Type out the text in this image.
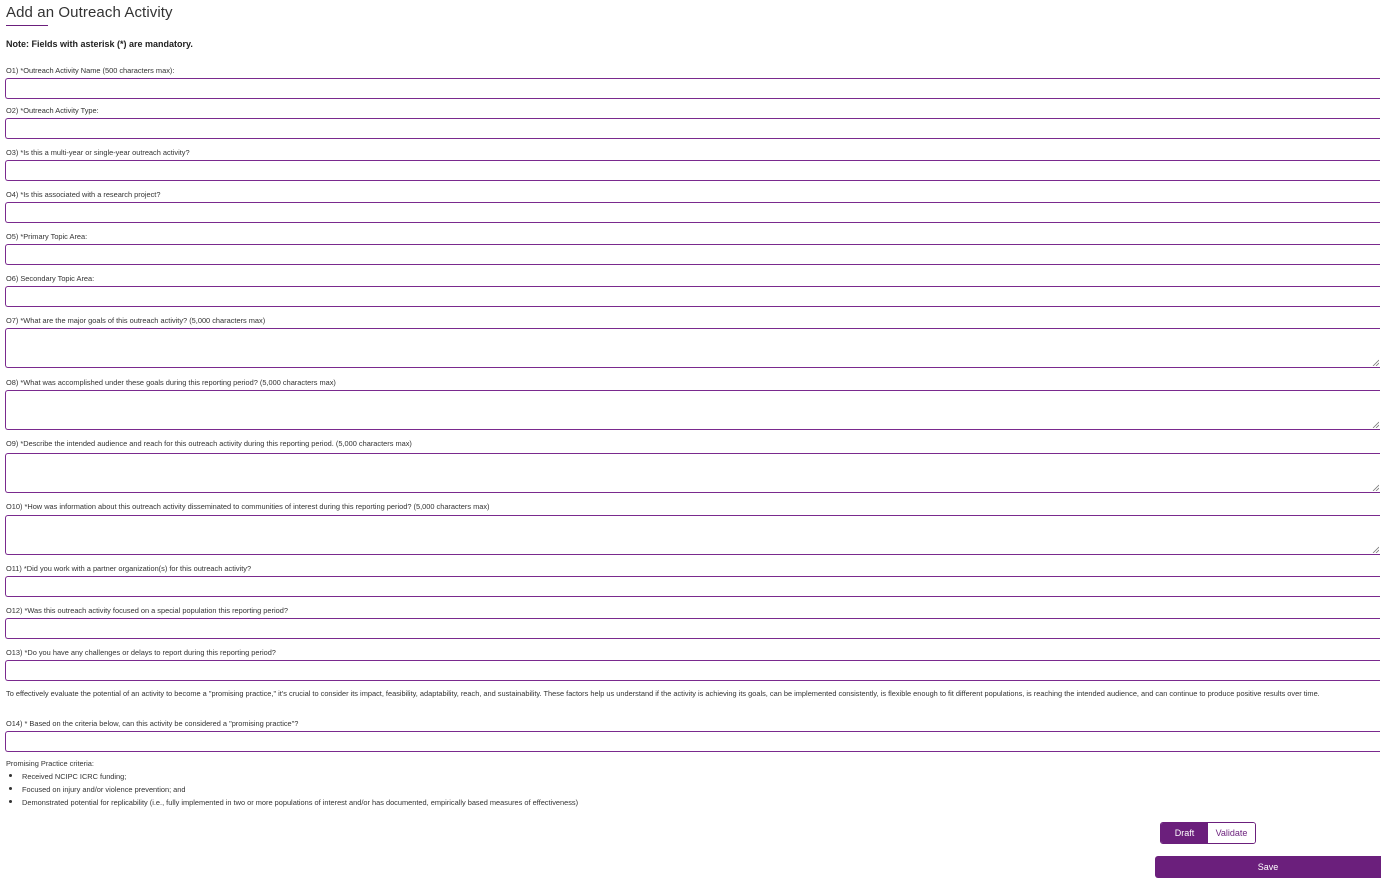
Add an Outreach Activity
Note: Fields with asterisk (*) are mandatory.
O1) *Outreach Activity Name (500 characters max):
O2) *Outreach Activity Type:
O3) *Is this a multi-year or single-year outreach activity?
O4) *Is this associated with a research project?
O5) *Primary Topic Area:
O6) Secondary Topic Area:
O7) *What are the major goals of this outreach activity? (5,000 characters max)
O8) *What was accomplished under these goals during this reporting period? (5,000 characters max)
O9) *Describe the intended audience and reach for this outreach activity during this reporting period. (5,000 characters max)
O10) *How was information about this outreach activity disseminated to communities of interest during this reporting period? (5,000 characters max)
O11) *Did you work with a partner organization(s) for this outreach activity?
O12) *Was this outreach activity focused on a special population this reporting period?
O13) *Do you have any challenges or delays to report during this reporting period?
To effectively evaluate the potential of an activity to become a "promising practice," it's crucial to consider its impact, feasibility, adaptability, reach, and sustainability. These factors help us understand if the activity is achieving its goals, can be implemented consistently, is flexible enough to fit different populations, is reaching the intended audience, and can continue to produce positive results over time.
O14) * Based on the criteria below, can this activity be considered a "promising practice"?
Promising Practice criteria:
Received NCIPC ICRC funding;
Focused on injury and/or violence prevention; and
Demonstrated potential for replicability (i.e., fully implemented in two or more populations of interest and/or has documented, empirically based measures of effectiveness)
Draft	Validate
Save
